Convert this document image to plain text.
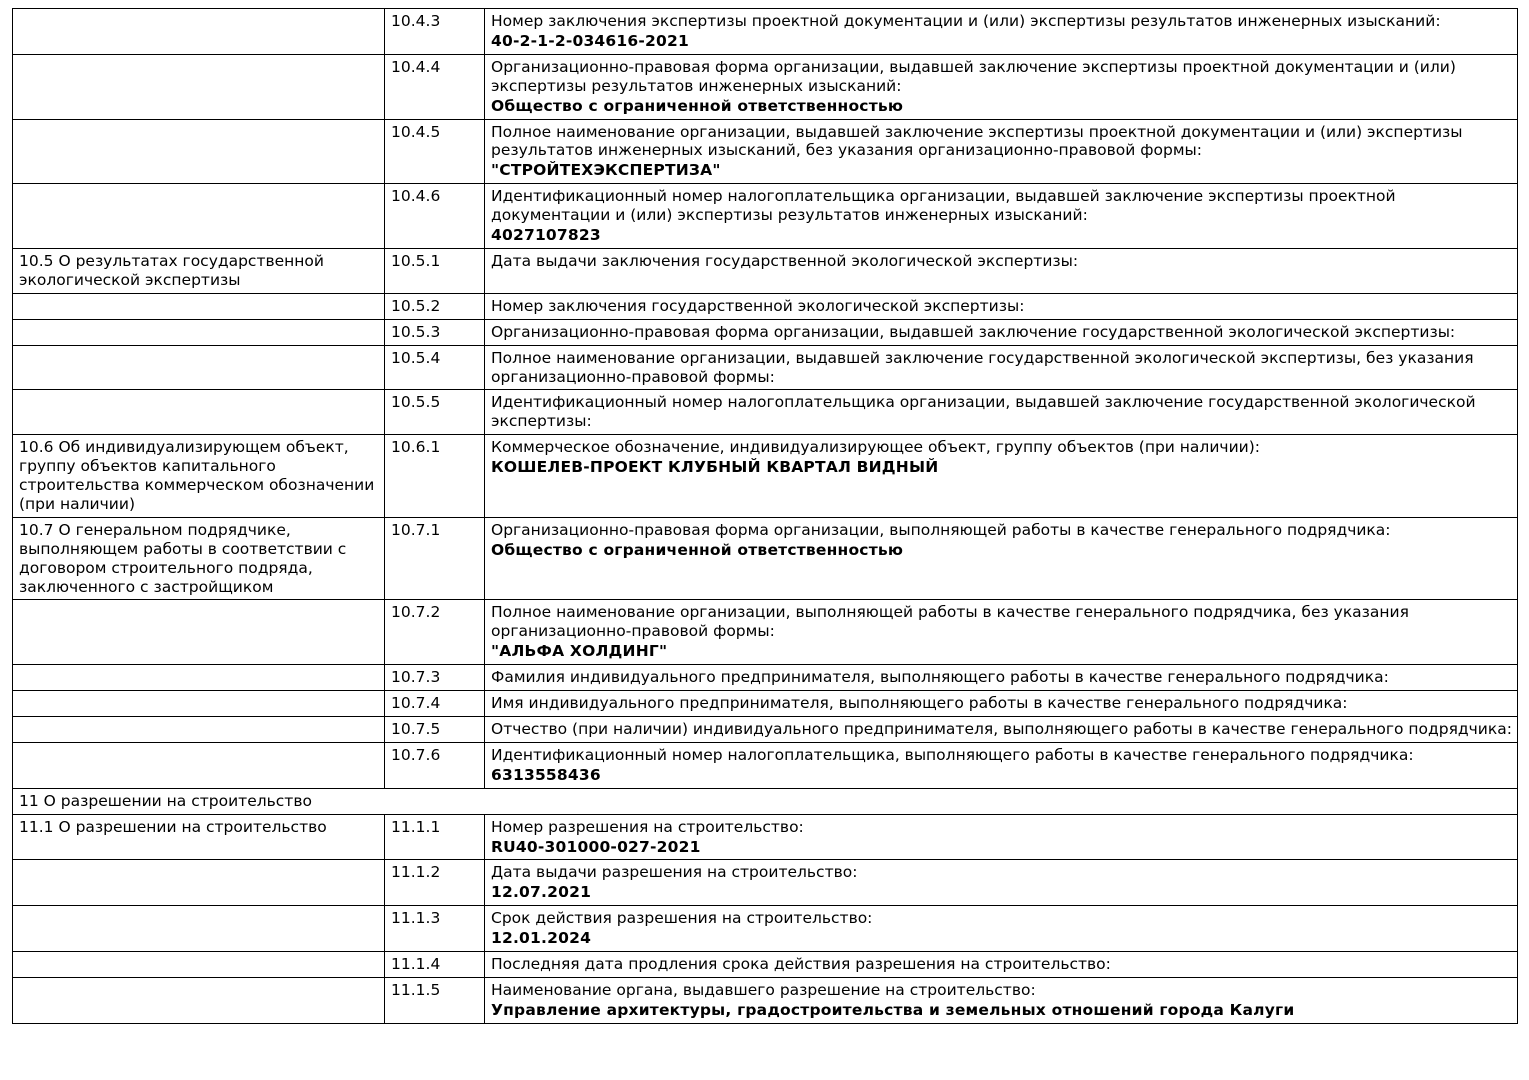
	10.4.3	Номер заключения экспертизы проектной документации и (или) экспертизы результатов инженерных изысканий:
40-2-1-2-034616-2021

	10.4.4	Организационно-правовая форма организации, выдавшей заключение экспертизы проектной документации и (или) экспертизы результатов инженерных изысканий:
Общество с ограниченной ответственностью

	10.4.5	Полное наименование организации, выдавшей заключение экспертизы проектной документации и (или) экспертизы результатов инженерных изысканий, без указания организационно-правовой формы:
"СТРОЙТЕХЭКСПЕРТИЗА"

	10.4.6	Идентификационный номер налогоплательщика организации, выдавшей заключение экспертизы проектной документации и (или) экспертизы результатов инженерных изысканий:
4027107823

10.5 О результатах государственной экологической экспертизы	10.5.1	Дата выдачи заключения государственной экологической экспертизы:

	10.5.2	Номер заключения государственной экологической экспертизы:

	10.5.3	Организационно-правовая форма организации, выдавшей заключение государственной экологической экспертизы:

	10.5.4	Полное наименование организации, выдавшей заключение государственной экологической экспертизы, без указания организационно-правовой формы:

	10.5.5	Идентификационный номер налогоплательщика организации, выдавшей заключение государственной экологической экспертизы:

10.6 Об индивидуализирующем объект, группу объектов капитального строительства коммерческом обозначении (при наличии)	10.6.1	Коммерческое обозначение, индивидуализирующее объект, группу объектов (при наличии):
КОШЕЛЕВ-ПРОЕКТ КЛУБНЫЙ КВАРТАЛ ВИДНЫЙ

10.7 О генеральном подрядчике, выполняющем работы в соответствии с договором строительного подряда, заключенного с застройщиком	10.7.1	Организационно-правовая форма организации, выполняющей работы в качестве генерального подрядчика:
Общество с ограниченной ответственностью

	10.7.2	Полное наименование организации, выполняющей работы в качестве генерального подрядчика, без указания организационно-правовой формы:
"АЛЬФА ХОЛДИНГ"

	10.7.3	Фамилия индивидуального предпринимателя, выполняющего работы в качестве генерального подрядчика:

	10.7.4	Имя индивидуального предпринимателя, выполняющего работы в качестве генерального подрядчика:

	10.7.5	Отчество (при наличии) индивидуального предпринимателя, выполняющего работы в качестве генерального подрядчика:

	10.7.6	Идентификационный номер налогоплательщика, выполняющего работы в качестве генерального подрядчика:
6313558436

11 О разрешении на строительство		
11.1 О разрешении на строительство	11.1.1	Номер разрешения на строительство:
RU40-301000-027-2021

	11.1.2	Дата выдачи разрешения на строительство:
12.07.2021

	11.1.3	Срок действия разрешения на строительство:
12.01.2024

	11.1.4	Последняя дата продления срока действия разрешения на строительство:

	11.1.5	Наименование органа, выдавшего разрешение на строительство:
Управление архитектуры, градостроительства и земельных отношений города Калуги
